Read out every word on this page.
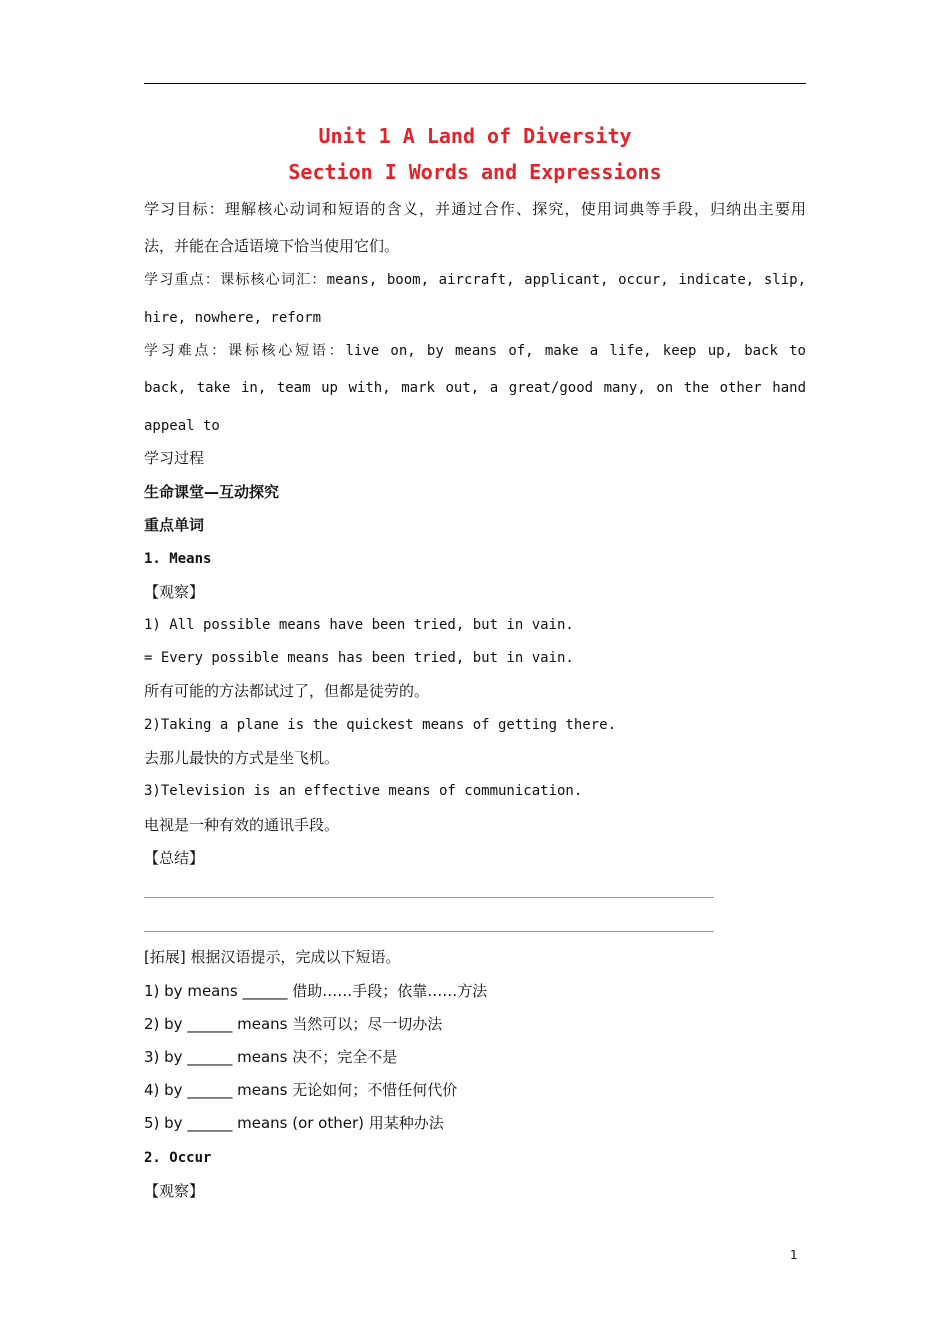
Unit 1 A Land of Diversity
Section I Words and Expressions
学习目标：理解核心动词和短语的含义，并通过合作、探究，使用词典等手段，归纳出主要用
法，并能在合适语境下恰当使用它们。
学习重点：课标核心词汇：means, boom, aircraft, applicant, occur, indicate, slip,
hire, nowhere, reform
学习难点：课标核心短语：live on, by means of, make a life, keep up, back to
back, take in, team up with, mark out, a great/good many, on the other hand
appeal to
学习过程
生命课堂—互动探究
重点单词
1. Means
【观察】
1) All possible means have been tried, but in vain.
= Every possible means has been tried, but in vain.
所有可能的方法都试过了，但都是徒劳的。
2)Taking a plane is the quickest means of getting there.
去那儿最快的方式是坐飞机。
3)Television is an effective means of communication.
电视是一种有效的通讯手段。
【总结】
[拓展] 根据汉语提示，完成以下短语。
1) by means ______ 借助……手段；依靠……方法
2) by ______ means 当然可以；尽一切办法
3) by ______ means 决不；完全不是
4) by ______ means 无论如何；不惜任何代价
5) by ______ means (or other) 用某种办法
2. Occur
【观察】
1
